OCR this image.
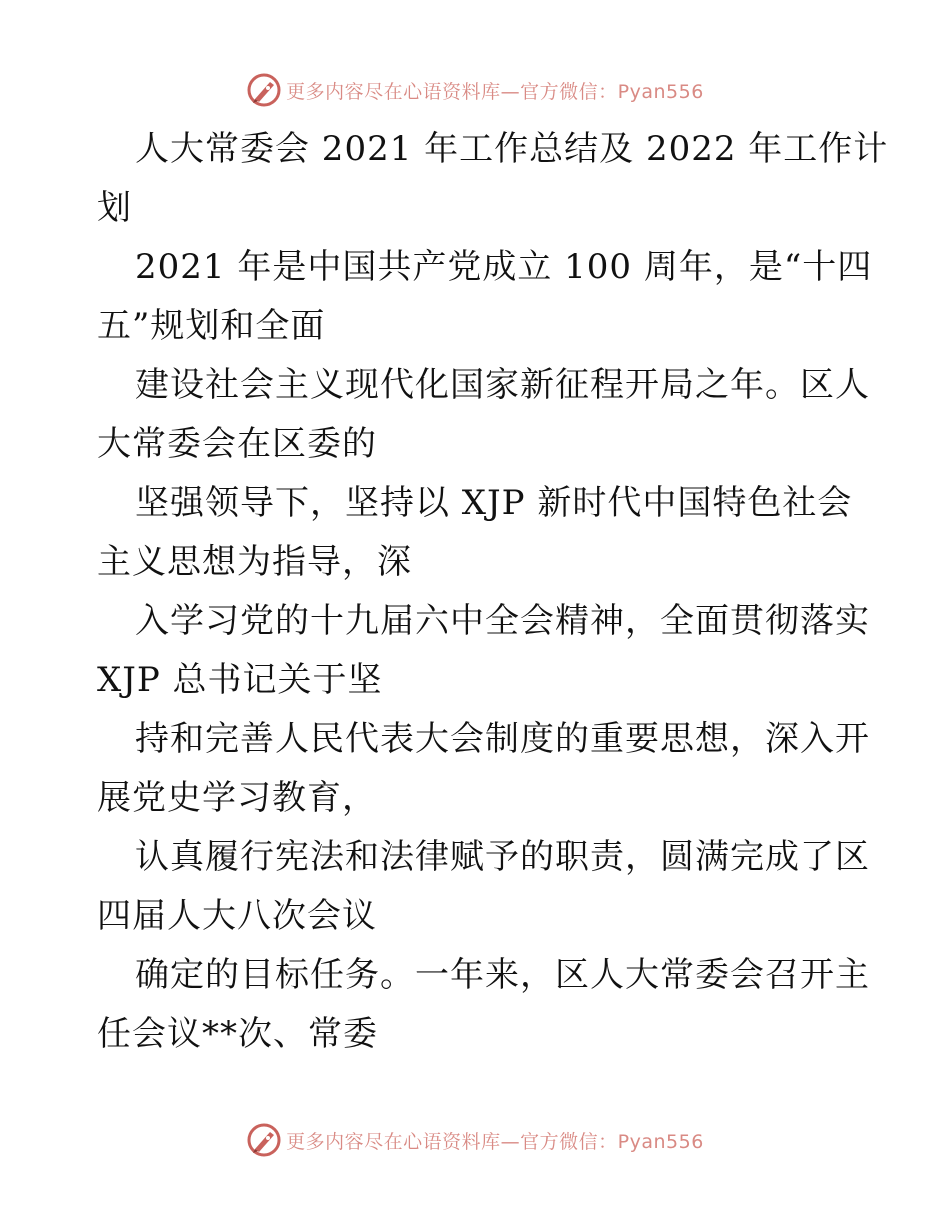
更多内容尽在心语资料库—官方微信：Pyan556

人大常委会 2021 年工作总结及 2022 年工作计
划

2021 年是中国共产党成立 100 周年，是“十四
五”规划和全面

建设社会主义现代化国家新征程开局之年。区人
大常委会在区委的

坚强领导下，坚持以 XJP 新时代中国特色社会
主义思想为指导，深

入学习党的十九届六中全会精神，全面贯彻落实
XJP 总书记关于坚

持和完善人民代表大会制度的重要思想，深入开
展党史学习教育，

认真履行宪法和法律赋予的职责，圆满完成了区
四届人大八次会议

确定的目标任务。一年来，区人大常委会召开主
任会议**次、常委

更多内容尽在心语资料库—官方微信：Pyan556
